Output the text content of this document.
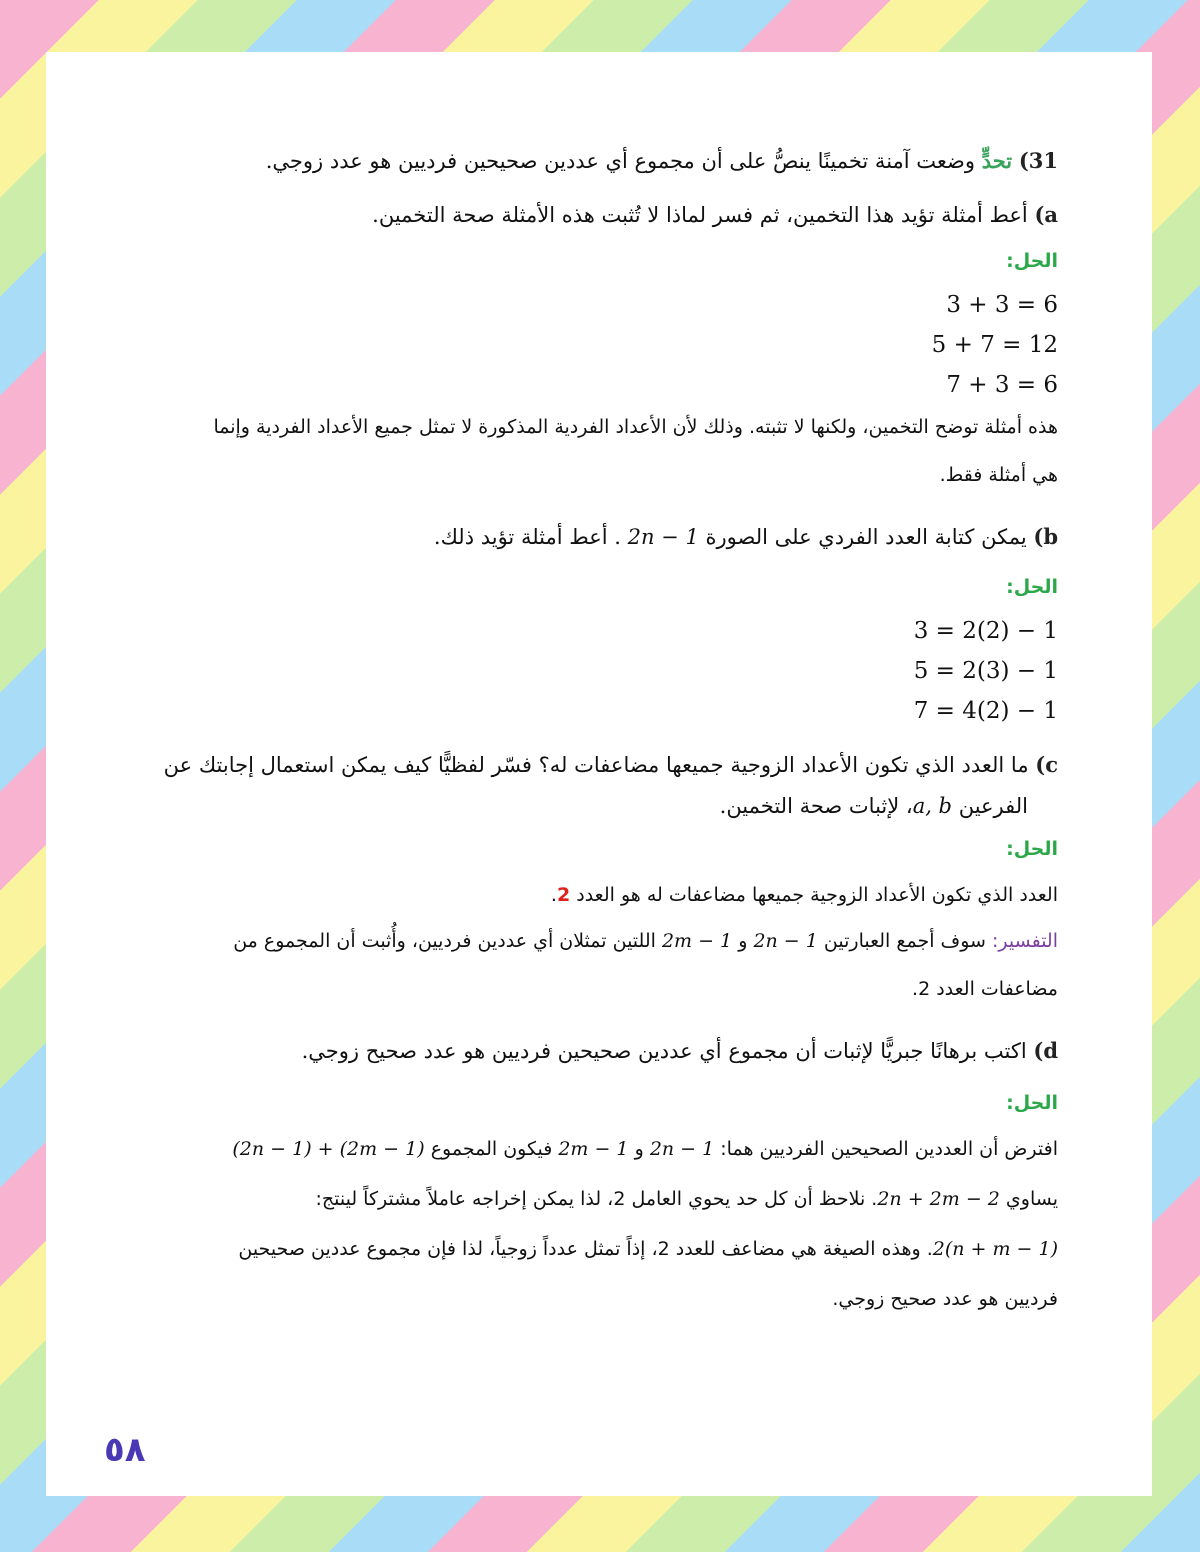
31) تحدٍّ وضعت آمنة تخمينًا ينصُّ على أن مجموع أي عددين صحيحين فرديين هو عدد زوجي.
a) أعط أمثلة تؤيد هذا التخمين، ثم فسر لماذا لا تُثبت هذه الأمثلة صحة التخمين.
الحل:
3 + 3 = 6
5 + 7 = 12
7 + 3 = 6
هذه أمثلة توضح التخمين، ولكنها لا تثبته. وذلك لأن الأعداد الفردية المذكورة لا تمثل جميع الأعداد الفردية وإنما
هي أمثلة فقط.
b) يمكن كتابة العدد الفردي على الصورة 2n − 1 . أعط أمثلة تؤيد ذلك.
الحل:
3 = 2(2) − 1
5 = 2(3) − 1
7 = 4(2) − 1
c) ما العدد الذي تكون الأعداد الزوجية جميعها مضاعفات له؟ فسّر لفظيًّا كيف يمكن استعمال إجابتك عن
الفرعين a, b، لإثبات صحة التخمين.
الحل:
العدد الذي تكون الأعداد الزوجية جميعها مضاعفات له هو العدد 2.
التفسير: سوف أجمع العبارتين 2n − 1 و 2m − 1 اللتين تمثلان أي عددين فرديين، وأُثبت أن المجموع من
مضاعفات العدد 2.
d) اكتب برهانًا جبريًّا لإثبات أن مجموع أي عددين صحيحين فرديين هو عدد صحيح زوجي.
الحل:
افترض أن العددين الصحيحين الفرديين هما: 2n − 1 و 2m − 1 فيكون المجموع (2n − 1) + (2m − 1)
يساوي 2n + 2m − 2. نلاحظ أن كل حد يحوي العامل 2، لذا يمكن إخراجه عاملاً مشتركاً لينتج:
2(n + m − 1). وهذه الصيغة هي مضاعف للعدد 2، إذاً تمثل عدداً زوجياً، لذا فإن مجموع عددين صحيحين
فرديين هو عدد صحيح زوجي.
٥٨
